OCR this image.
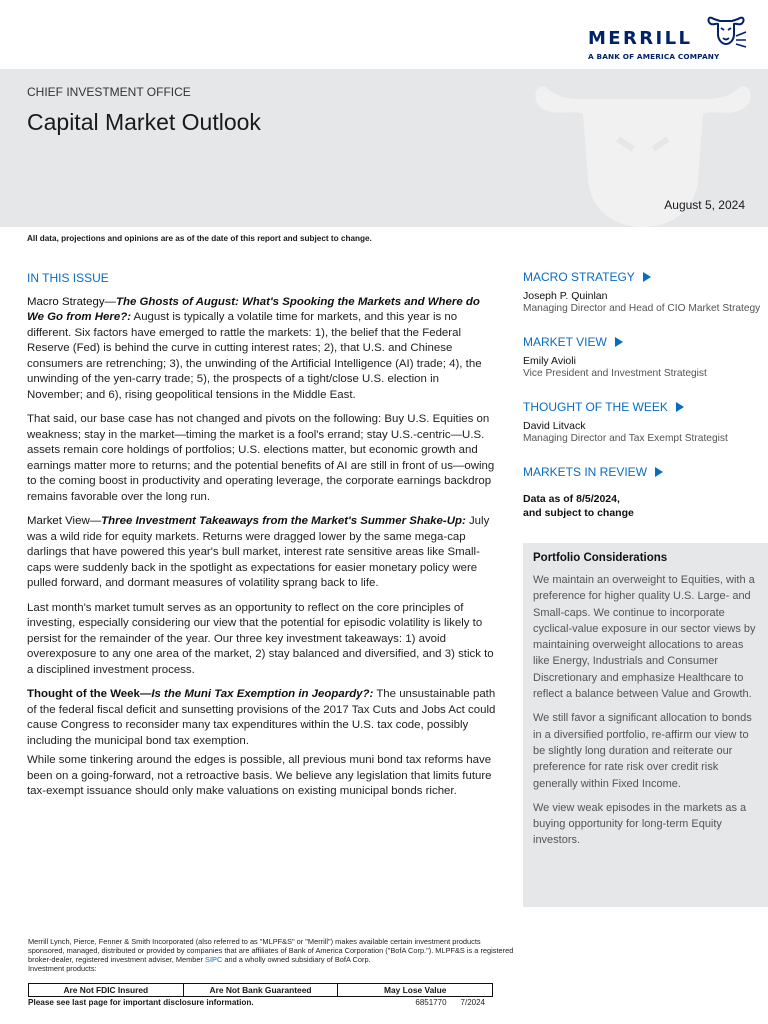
MERRILL
A BANK OF AMERICA COMPANY
CHIEF INVESTMENT OFFICE
Capital Market Outlook
August 5, 2024
All data, projections and opinions are as of the date of this report and subject to change.
IN THIS ISSUE

Macro Strategy—The Ghosts of August: What's Spooking the Markets and Where do We Go from Here?: August is typically a volatile time for markets, and this year is no different. Six factors have emerged to rattle the markets: 1), the belief that the Federal Reserve (Fed) is behind the curve in cutting interest rates; 2), that U.S. and Chinese consumers are retrenching; 3), the unwinding of the Artificial Intelligence (AI) trade; 4), the unwinding of the yen-carry trade; 5), the prospects of a tight/close U.S. election in November; and 6), rising geopolitical tensions in the Middle East.

That said, our base case has not changed and pivots on the following: Buy U.S. Equities on weakness; stay in the market—timing the market is a fool's errand; stay U.S.-centric—U.S. assets remain core holdings of portfolios; U.S. elections matter, but economic growth and earnings matter more to returns; and the potential benefits of AI are still in front of us—owing to the coming boost in productivity and operating leverage, the corporate earnings backdrop remains favorable over the long run.

Market View—Three Investment Takeaways from the Market's Summer Shake-Up: July was a wild ride for equity markets. Returns were dragged lower by the same mega-cap darlings that have powered this year's bull market, interest rate sensitive areas like Small-caps were suddenly back in the spotlight as expectations for easier monetary policy were pulled forward, and dormant measures of volatility sprang back to life.

Last month's market tumult serves as an opportunity to reflect on the core principles of investing, especially considering our view that the potential for episodic volatility is likely to persist for the remainder of the year. Our three key investment takeaways: 1) avoid overexposure to any one area of the market, 2) stay balanced and diversified, and 3) stick to a disciplined investment process.

Thought of the Week—Is the Muni Tax Exemption in Jeopardy?: The unsustainable path of the federal fiscal deficit and sunsetting provisions of the 2017 Tax Cuts and Jobs Act could cause Congress to reconsider many tax expenditures within the U.S. tax code, possibly including the municipal bond tax exemption.

While some tinkering around the edges is possible, all previous muni bond tax reforms have been on a going-forward, not a retroactive basis. We believe any legislation that limits future tax-exempt issuance should only make valuations on existing municipal bonds richer.

MACRO STRATEGY
Joseph P. Quinlan
Managing Director and Head of CIO Market Strategy
MARKET VIEW
Emily Avioli
Vice President and Investment Strategist
THOUGHT OF THE WEEK
David Litvack
Managing Director and Tax Exempt Strategist
MARKETS IN REVIEW
Data as of 8/5/2024,
and subject to change
Portfolio Considerations

We maintain an overweight to Equities, with a preference for higher quality U.S. Large- and Small-caps. We continue to incorporate cyclical-value exposure in our sector views by maintaining overweight allocations to areas like Energy, Industrials and Consumer Discretionary and emphasize Healthcare to reflect a balance between Value and Growth.

We still favor a significant allocation to bonds in a diversified portfolio, re-affirm our view to be slightly long duration and reiterate our preference for rate risk over credit risk generally within Fixed Income.

We view weak episodes in the markets as a buying opportunity for long-term Equity investors.

Merrill Lynch, Pierce, Fenner & Smith Incorporated (also referred to as "MLPF&S" or "Merrill") makes available certain investment products sponsored, managed, distributed or provided by companies that are affiliates of Bank of America Corporation ("BofA Corp."). MLPF&S is a registered broker-dealer, registered investment adviser, Member SIPC and a wholly owned subsidiary of BofA Corp.
Investment products:
Are Not FDIC Insured	Are Not Bank Guaranteed	May Lose Value
Please see last page for important disclosure information.	6851770 7/2024
